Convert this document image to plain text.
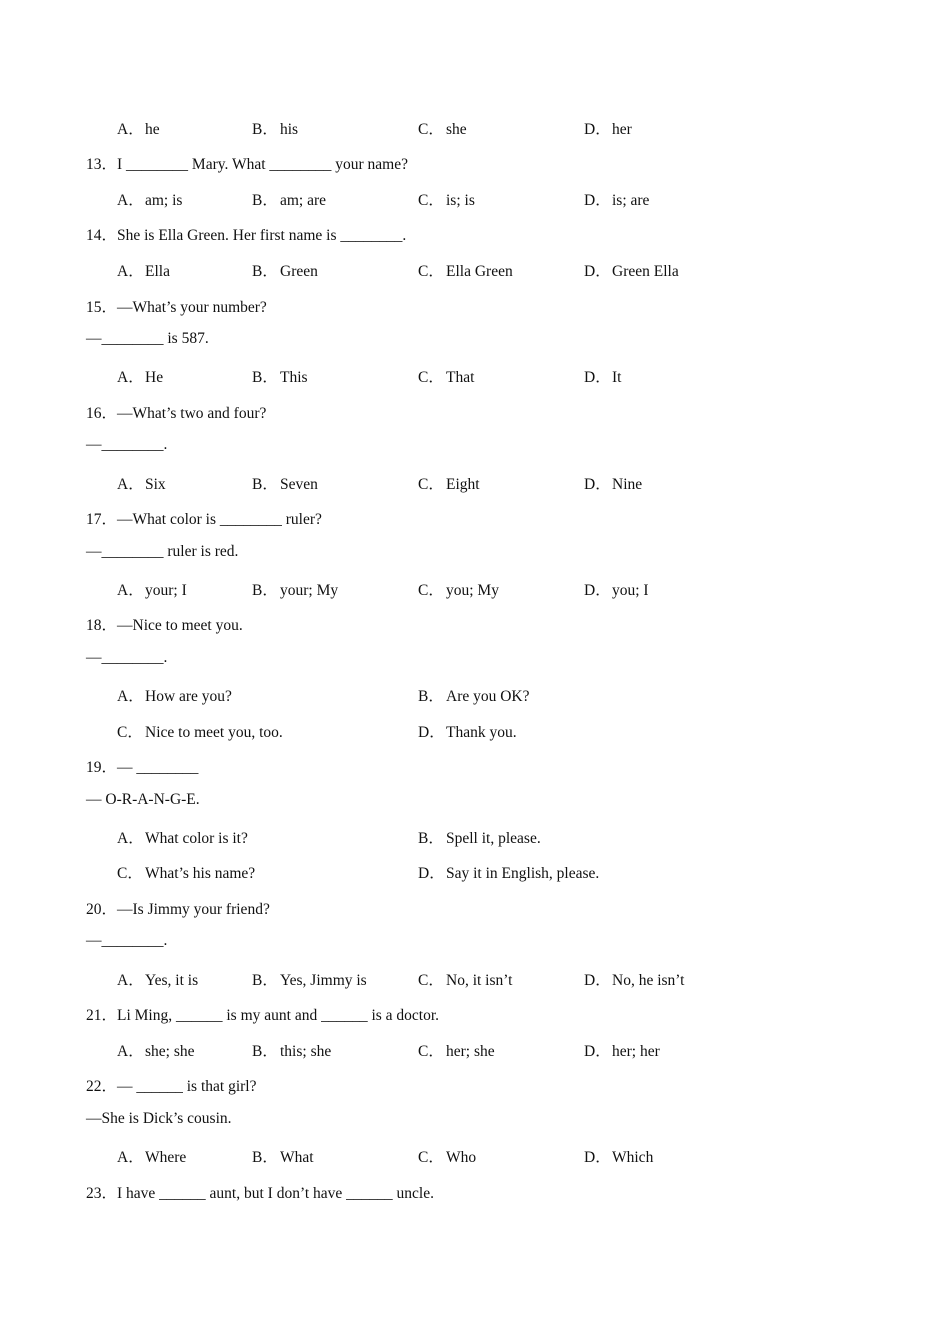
A．he	B． his	C． she	D．her
13．I ________ Mary. What ________ your name?
A．am; is	B． am; are	C． is; is	D．is; are
14．She is Ella Green. Her first name is ________.
A．Ella	B． Green	C． Ella Green	D．Green Ella
15．—What’s your number?
—________ is 587.
A．He	B． This	C． That	D．It
16．—What’s two and four?
—________.
A．Six	B． Seven	C． Eight	D．Nine
17．—What color is ________ ruler?
—________ ruler is red.
A．your; I	B． your; My	C． you; My	D．you; I
18．—Nice to meet you.
—________.
A．How are you?	B． Are you OK?
C． Nice to meet you, too.	D．Thank you.
19．— ________
— O-R-A-N-G-E.
A．What color is it?	B． Spell it, please.
C． What’s his name?	D．Say it in English, please.
20．—Is Jimmy your friend?
—________.
A．Yes, it is	B． Yes, Jimmy is	C． No, it isn’t	D．No, he isn’t
21．Li Ming, ______ is my aunt and ______ is a doctor.
A．she; she	B． this; she	C． her; she	D．her; her
22．— ______ is that girl?
—She is Dick’s cousin.
A．Where	B． What	C． Who	D．Which
23．I have ______ aunt, but I don’t have ______ uncle.
